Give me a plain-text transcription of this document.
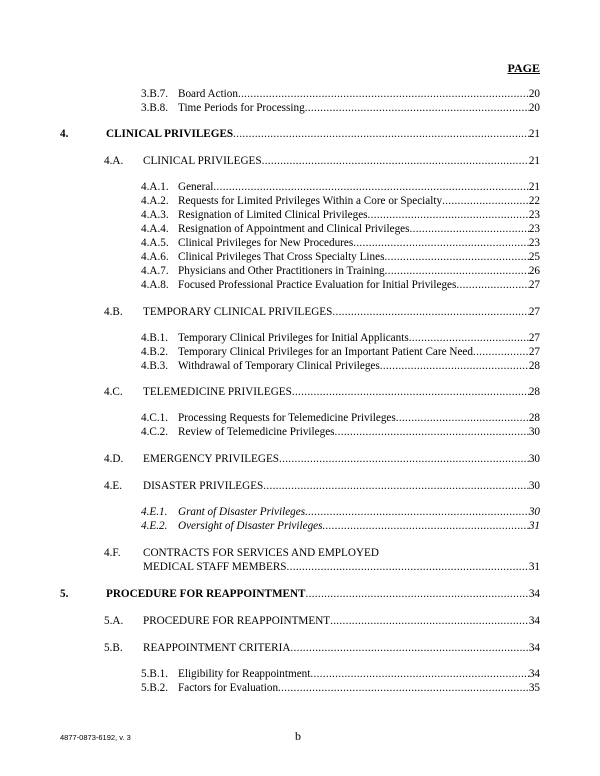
PAGE
3.B.7. Board Action .....	20
3.B.8. Time Periods for Processing .....	20
4.	CLINICAL PRIVILEGES .....	21
4.A.	CLINICAL PRIVILEGES .....	21
4.A.1. General .....	21
4.A.2. Requests for Limited Privileges Within a Core or Specialty .....	22
4.A.3. Resignation of Limited Clinical Privileges .....	23
4.A.4. Resignation of Appointment and Clinical Privileges .....	23
4.A.5. Clinical Privileges for New Procedures .....	23
4.A.6. Clinical Privileges That Cross Specialty Lines .....	25
4.A.7. Physicians and Other Practitioners in Training .....	26
4.A.8. Focused Professional Practice Evaluation for Initial Privileges .....	27
4.B.	TEMPORARY CLINICAL PRIVILEGES .....	27
4.B.1. Temporary Clinical Privileges for Initial Applicants .....	27
4.B.2. Temporary Clinical Privileges for an Important Patient Care Need .....	27
4.B.3. Withdrawal of Temporary Clinical Privileges .....	28
4.C.	TELEMEDICINE PRIVILEGES .....	28
4.C.1. Processing Requests for Telemedicine Privileges .....	28
4.C.2. Review of Telemedicine Privileges .....	30
4.D.	EMERGENCY PRIVILEGES .....	30
4.E.	DISASTER PRIVILEGES .....	30
4.E.1. Grant of Disaster Privileges .....	30
4.E.2. Oversight of Disaster Privileges .....	31
4.F. CONTRACTS FOR SERVICES AND EMPLOYED
MEDICAL STAFF MEMBERS .....	31
5.	PROCEDURE FOR REAPPOINTMENT .....	34
5.A.	PROCEDURE FOR REAPPOINTMENT .....	34
5.B.	REAPPOINTMENT CRITERIA .....	34
5.B.1. Eligibility for Reappointment .....	34
5.B.2. Factors for Evaluation .....	35
4877-0873-6192, v. 3	b
